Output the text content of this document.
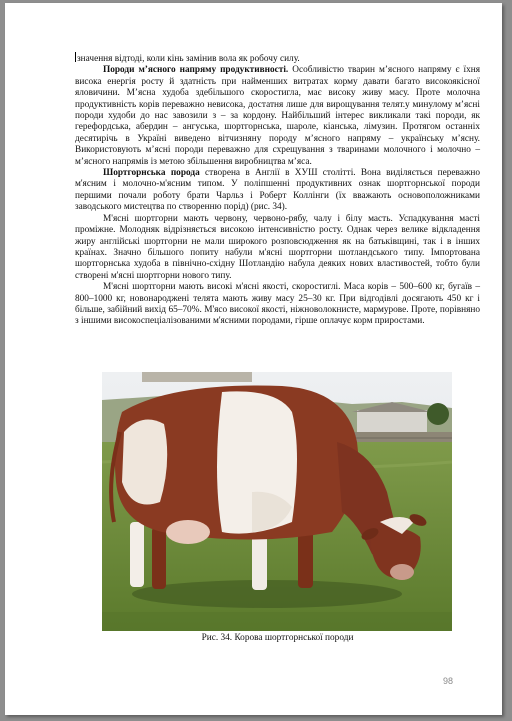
значення відтоді, коли кінь замінив вола як робочу силу.

Породи м’ясного напряму продуктивності. Особливістю тварин м’ясного напряму є їхня висока енергія росту й здатність при найменших витратах корму давати багато високоякісної яловичини. М’ясна худоба здебільшого скоростигла, має високу живу масу. Проте молочна продуктивність корів переважно невисока, достатня лише для вирощування телят.у минулому м’ясні породи худоби до нас завозили з – за кордону. Найбільший інтерес викликали такі породи, як герефордська, абердин – ангуська, шортгорнська, шароле, кіанська, лімузин. Протягом останніх десятирічь в Україні виведено вітчизняну породу м’ясного напряму – українську м’ясну. Використовують м’ясні породи переважно для схрещування з тваринами молочного і молочно – м’ясного напрямів із метою збільшення виробництва м’яса.

Шортгорнська порода створена в Англії в ХУШ столітті. Вона виділяється переважно м'ясним і молочно-м'ясним типом. У поліпшенні продуктивних ознак шортгорнської породи першими почали роботу брати Чарльз і Роберт Коллінги (їх вважають основоположниками заводського мистецтва по створенню порід) (рис. 34).

М'ясні шортгорни мають червону, червоно-рябу, чалу і білу масть. Успадкування масті проміжне. Молодняк відрізняється високою інтенсивністю росту. Однак через велике відкладення жиру англійські шортгорни не мали широкого розповсюдження як на батьківщині, так і в інших країнах. Значно більшого попиту набули м'ясні шортгорни шотландського типу. Імпортована шортгорнська худоба в північно-східну Шотландію набула деяких нових властивостей, тобто були створені м'ясні шортгорни нового типу.

М'ясні шортгорни мають високі м'ясні якості, скоростиглі. Маса корів – 500–600 кг, бугаїв – 800–1000 кг, новонароджені телята мають живу масу 25–30 кг. При відгодівлі досягають 450 кг і більше, забійний вихід 65–70%. М'ясо високої якості, ніжноволокнисте, мармурове. Проте, порівняно з іншими високоспеціалізованими м'ясними породами, гірше оплачує корм приростами.

Рис. 34. Корова шортгорнської породи
98
